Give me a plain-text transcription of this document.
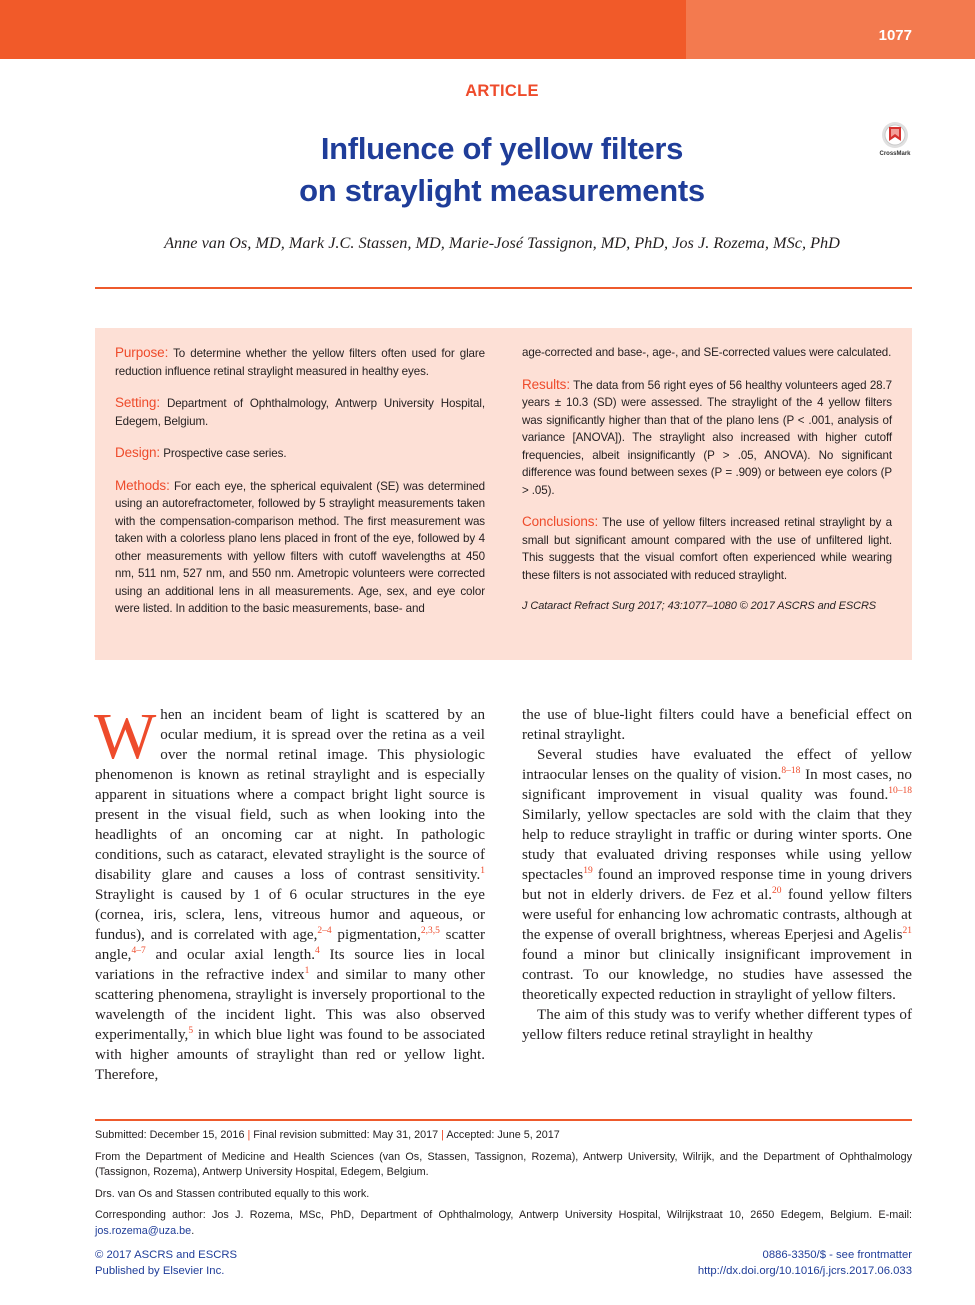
1077
ARTICLE
Influence of yellow filters
on straylight measurements
CrossMark
Anne van Os, MD, Mark J.C. Stassen, MD, Marie-José Tassignon, MD, PhD, Jos J. Rozema, MSc, PhD

Purpose: To determine whether the yellow filters often used for glare reduction influence retinal straylight measured in healthy eyes.

Setting: Department of Ophthalmology, Antwerp University Hospital, Edegem, Belgium.

Design: Prospective case series.

Methods: For each eye, the spherical equivalent (SE) was determined using an autorefractometer, followed by 5 straylight measurements taken with the compensation-comparison method. The first measurement was taken with a colorless plano lens placed in front of the eye, followed by 4 other measurements with yellow filters with cutoff wavelengths at 450 nm, 511 nm, 527 nm, and 550 nm. Ametropic volunteers were corrected using an additional lens in all measurements. Age, sex, and eye color were listed. In addition to the basic measurements, base- and

age-corrected and base-, age-, and SE-corrected values were calculated.

Results: The data from 56 right eyes of 56 healthy volunteers aged 28.7 years ± 10.3 (SD) were assessed. The straylight of the 4 yellow filters was significantly higher than that of the plano lens (P < .001, analysis of variance [ANOVA]). The straylight also increased with higher cutoff frequencies, albeit insignificantly (P > .05, ANOVA). No significant difference was found between sexes (P = .909) or between eye colors (P > .05).

Conclusions: The use of yellow filters increased retinal straylight by a small but significant amount compared with the use of unfiltered light. This suggests that the visual comfort often experienced while wearing these filters is not associated with reduced straylight.

J Cataract Refract Surg 2017; 43:1077–1080 © 2017 ASCRS and ESCRS

When an incident beam of light is scattered by an ocular medium, it is spread over the retina as a veil over the normal retinal image. This physiologic phenomenon is known as retinal straylight and is especially apparent in situations where a compact bright light source is present in the visual field, such as when looking into the headlights of an oncoming car at night. In pathologic conditions, such as cataract, elevated straylight is the source of disability glare and causes a loss of contrast sensitivity.$^1$ Straylight is caused by 1 of 6 ocular structures in the eye (cornea, iris, sclera, lens, vitreous humor and aqueous, or fundus), and is correlated with age,$^{2-4}$ pigmentation,$^{2,3,5}$ scatter angle,$^{4-7}$ and ocular axial length.$^4$ Its source lies in local variations in the refractive index$^1$ and similar to many other scattering phenomena, straylight is inversely proportional to the wavelength of the incident light. This was also observed experimentally,$^5$ in which blue light was found to be associated with higher amounts of straylight than red or yellow light. Therefore,

the use of blue-light filters could have a beneficial effect on retinal straylight.

Several studies have evaluated the effect of yellow intraocular lenses on the quality of vision.$^{8-18}$ In most cases, no significant improvement in visual quality was found.$^{10-18}$ Similarly, yellow spectacles are sold with the claim that they help to reduce straylight in traffic or during winter sports. One study that evaluated driving responses while using yellow spectacles$^{19}$ found an improved response time in young drivers but not in elderly drivers. de Fez et al.$^{20}$ found yellow filters were useful for enhancing low achromatic contrasts, although at the expense of overall brightness, whereas Eperjesi and Agelis$^{21}$ found a minor but clinically insignificant improvement in contrast. To our knowledge, no studies have assessed the theoretically expected reduction in straylight of yellow filters.

The aim of this study was to verify whether different types of yellow filters reduce retinal straylight in healthy

Submitted: December 15, 2016 | Final revision submitted: May 31, 2017 | Accepted: June 5, 2017

From the Department of Medicine and Health Sciences (van Os, Stassen, Tassignon, Rozema), Antwerp University, Wilrijk, and the Department of Ophthalmology (Tassignon, Rozema), Antwerp University Hospital, Edegem, Belgium.

Drs. van Os and Stassen contributed equally to this work.

Corresponding author: Jos J. Rozema, MSc, PhD, Department of Ophthalmology, Antwerp University Hospital, Wilrijkstraat 10, 2650 Edegem, Belgium. E-mail: jos.rozema@uza.be.

© 2017 ASCRS and ESCRS
Published by Elsevier Inc.
0886-3350/$ - see frontmatter
http://dx.doi.org/10.1016/j.jcrs.2017.06.033
